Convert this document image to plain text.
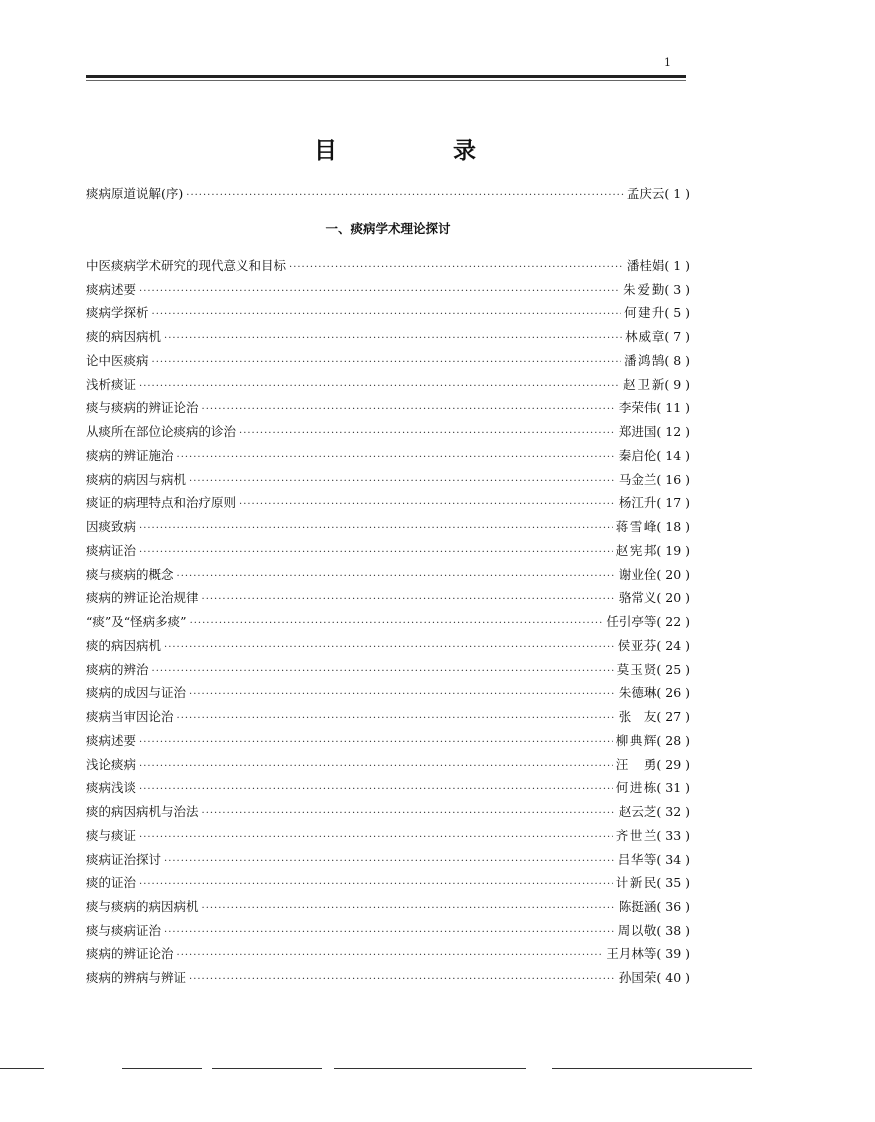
1
目 录
痰病原道说解(序) ·····	孟庆云 ( 1 )
一、痰病学术理论探讨
中医痰病学术研究的现代意义和目标 ·····	潘桂娟 ( 1 )
痰病述要 ·····	朱爱勤 ( 3 )
痰病学探析 ·····	何建升 ( 5 )
痰的病因病机 ·····	林威章 ( 7 )
论中医痰病 ·····	潘鸿鹄 ( 8 )
浅析痰证 ·····	赵卫新 ( 9 )
痰与痰病的辨证论治 ·····	李荣伟 ( 11 )
从痰所在部位论痰病的诊治 ·····	郑进国 ( 12 )
痰病的辨证施治 ·····	秦启伦 ( 14 )
痰病的病因与病机 ·····	马金兰 ( 16 )
痰证的病理特点和治疗原则 ·····	杨江升 ( 17 )
因痰致病 ·····	蒋雪峰 ( 18 )
痰病证治 ·····	赵宪邦 ( 19 )
痰与痰病的概念 ·····	谢业佺 ( 20 )
痰病的辨证论治规律 ·····	骆常义 ( 20 )
“痰”及“怪病多痰” ·····	任引亭等 ( 22 )
痰的病因病机 ·····	侯亚芬 ( 24 )
痰病的辨治 ·····	莫玉贤 ( 25 )
痰病的成因与证治 ·····	朱德琳 ( 26 )
痰病当审因论治 ·····	张　友 ( 27 )
痰病述要 ·····	柳典辉 ( 28 )
浅论痰病 ·····	汪　勇 ( 29 )
痰病浅谈 ·····	何进栋 ( 31 )
痰的病因病机与治法 ·····	赵云芝 ( 32 )
痰与痰证 ·····	齐世兰 ( 33 )
痰病证治探讨 ·····	吕华等 ( 34 )
痰的证治 ·····	计新民 ( 35 )
痰与痰病的病因病机 ·····	陈挺涵 ( 36 )
痰与痰病证治 ·····	周以敬 ( 38 )
痰病的辨证论治 ·····	王月林等 ( 39 )
痰病的辨病与辨证 ·····	孙国荣 ( 40 )
